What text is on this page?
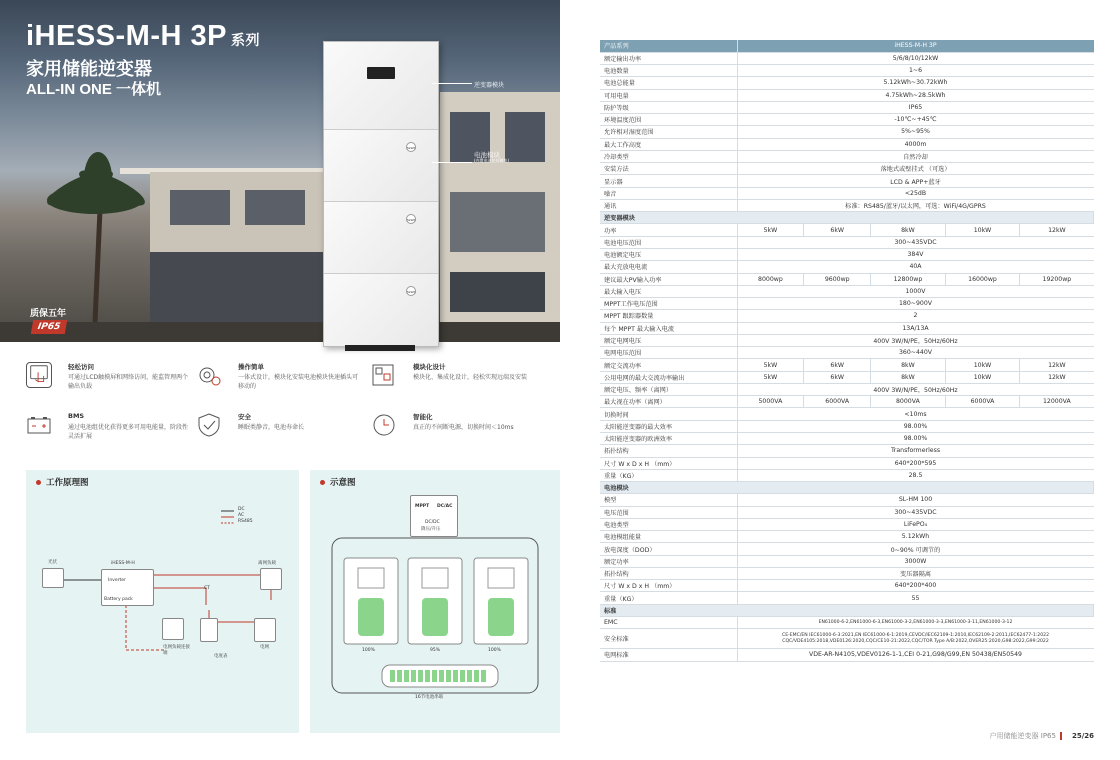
iHESS-M-H 3P 系列
家用储能逆变器
ALL-IN ONE 一体机
质保五年
IP65
5kWh
5kWh
5kWh
逆变器模块
电池模块
(内置电池包装模块)
轻松访问
可通过LCD触摸屏和网络访问，能监管理两个输出负载
操作简单
一体式设计，模块化安装电池模块快速插头可移动的
模块化设计
模块化、集成化设计，轻松实现远端及安装
BMS
通过电池组优化获得更多可用电能量，阶段性灵活扩展
安全
睡眠类静音，电池寿命长
智能化
真正的不间断电源，切换时间＜10ms
工作原理图
DC
AC
RS485
光伏	iHESS-M-H
Inverter
Battery pack
离网负载
CT
电网负载连接端
电度表
电网
示意图
MPPT DC/AC
DC/DC
降压/升压
100%	95%	100%
16节电池串联
产品系列	iHESS-M-H 3P				
额定输出功率	5/6/8/10/12kW				
电池数量	1~6				
电池总能量	5.12kWh~30.72kWh				
可用电量	4.75kWh~28.5kWh				
防护等级	IP65				
环境温度范围	-10℃~+45℃				
允许相对湿度范围	5%~95%				
最大工作高度	4000m				
冷却类型	自然冷却				
安装方法	落地式或壁挂式 （可选）				
显示器	LCD & APP+蓝牙				
噪音	<25dB				
通讯	标准：RS485/蓝牙/以太网，可选：WiFi/4G/GPRS				
逆变器模块					
功率	5kW	6kW	8kW	10kW	12kW
电池电压范围	300~435VDC				
电池额定电压	384V				
最大充放电电流	40A				
建议最大PV输入功率	8000wp	9600wp	12800wp	16000wp	19200wp
最大输入电压	1000V				
MPPT工作电压范围	180~900V				
MPPT 跟踪器数量	2				
每个 MPPT 最大输入电流	13A/13A				
额定电网电压	400V 3W/N/PE，50Hz/60Hz				
电网电压范围	360~440V				
额定交流功率	5kW	6kW	8kW	10kW	12kW
公用电网的最大交流功率输出	5kW	6kW	8kW	10kW	12kW
额定电压、频率（离网）	400V 3W/N/PE，50Hz/60Hz				
最大视在功率（离网）	5000VA	6000VA	8000VA	6000VA	12000VA
切换时间	<10ms				
太阳能逆变器的最大效率	98.00%				
太阳能逆变器的欧洲效率	98.00%				
拓扑结构	Transformerless				
尺寸 W x D x H （mm）	640*200*595				
重量（KG）	28.5				
电池模块					
模型	SL-HM 100				
电压范围	300~435VDC				
电池类型	LiFePO₄				
电池模组能量	5.12kWh				
放电深度（DOD）	0~90% 可调节的				
额定功率	3000W				
拓扑结构	变压器隔离				
尺寸 W x D x H （mm）	640*200*400				
重量（KG）	55				
标准					
EMC	EN61000-6-2,EN61000-6-3,EN61000-3-2,EN61000-3-3,EN61000-3-11,EN61000-3-12				
安全标准	CE-EMC/EN IEC61000-6-3:2021,EN IEC61000-6-1:2019,CEVDC/IEC62109-1:2010,IEC62109-2:2011,IEC62477-1:2022
CQC/VDE4105:2018,VDE0126:2020,CQC/CE10-21:2022,CQC/TOR Type A/B:2022,OVER25:2020,G98:2022,G99:2022				

电网标准	VDE-AR-N4105,VDEV0126-1-1,CEI 0-21,G98/G99,EN 50438/EN50549				
户用储能逆变器 IP65 25/26
